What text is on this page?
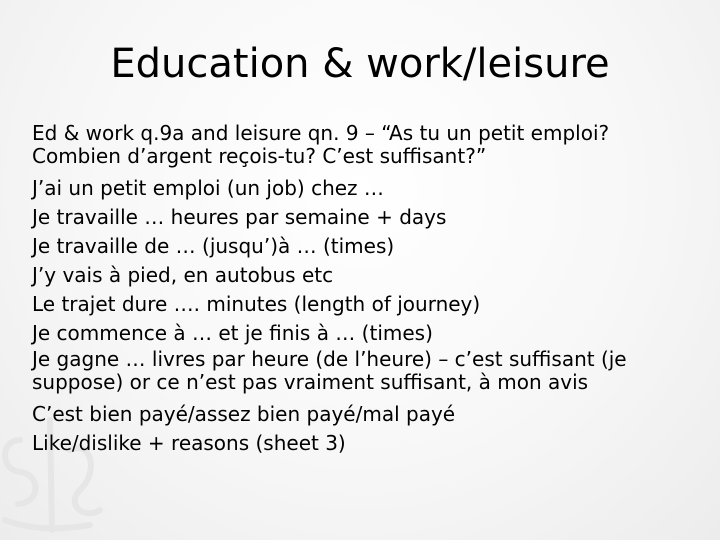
Education & work/leisure
Ed & work q.9a and leisure qn. 9 – “As tu un petit emploi?
Combien d’argent reçois-tu? C’est suffisant?”
J’ai un petit emploi (un job) chez …
Je travaille … heures par semaine + days
Je travaille de … (jusqu’)à … (times)
J’y vais à pied, en autobus etc
Le trajet dure …. minutes (length of journey)
Je commence à … et je finis à … (times)
Je gagne … livres par heure (de l’heure) – c’est suffisant (je
suppose) or ce n’est pas vraiment suffisant, à mon avis
C’est bien payé/assez bien payé/mal payé
Like/dislike + reasons (sheet 3)
